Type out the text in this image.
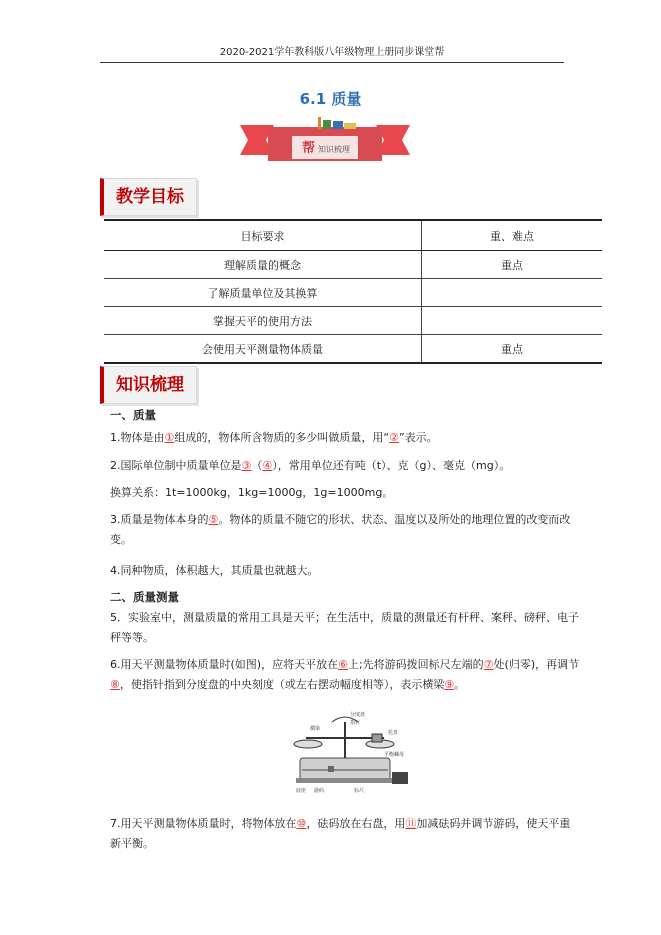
2020-2021学年教科版八年级物理上册同步课堂帮
6.1 质量
帮 知识梳理
教学目标
目标要求	重、难点
理解质量的概念	重点
了解质量单位及其换算	
掌握天平的使用方法	
会使用天平测量物体质量	重点
知识梳理
一、质量
1.物体是由①组成的，物体所含物质的多少叫做质量，用“②”表示。
2.国际单位制中质量单位是③（④），常用单位还有吨（t）、克（g）、毫克（mg）。
换算关系：1t=1000kg，1kg=1000g，1g=1000mg。
3.质量是物体本身的⑤。物体的质量不随它的形状、状态、温度以及所处的地理位置的改变而改变。
4.同种物质，体积越大，其质量也就越大。
二、质量测量
5．实验室中，测量质量的常用工具是天平；在生活中，质量的测量还有杆秤、案秤、磅秤、电子秤等等。
6.用天平测量物体质量时(如图)，应将天平放在⑥上;先将游码拨回标尺左端的⑦处(归零)，再调节⑧，使指针指到分度盘的中央刻度（或左右摆动幅度相等），表示横梁⑨。
分度盘
指针
横梁
托盘
平衡螺母
底座 游码	标尺
7.用天平测量物体质量时，将物体放在⑩，砝码放在右盘，用⑪加减砝码并调节游码，使天平重新平衡。
